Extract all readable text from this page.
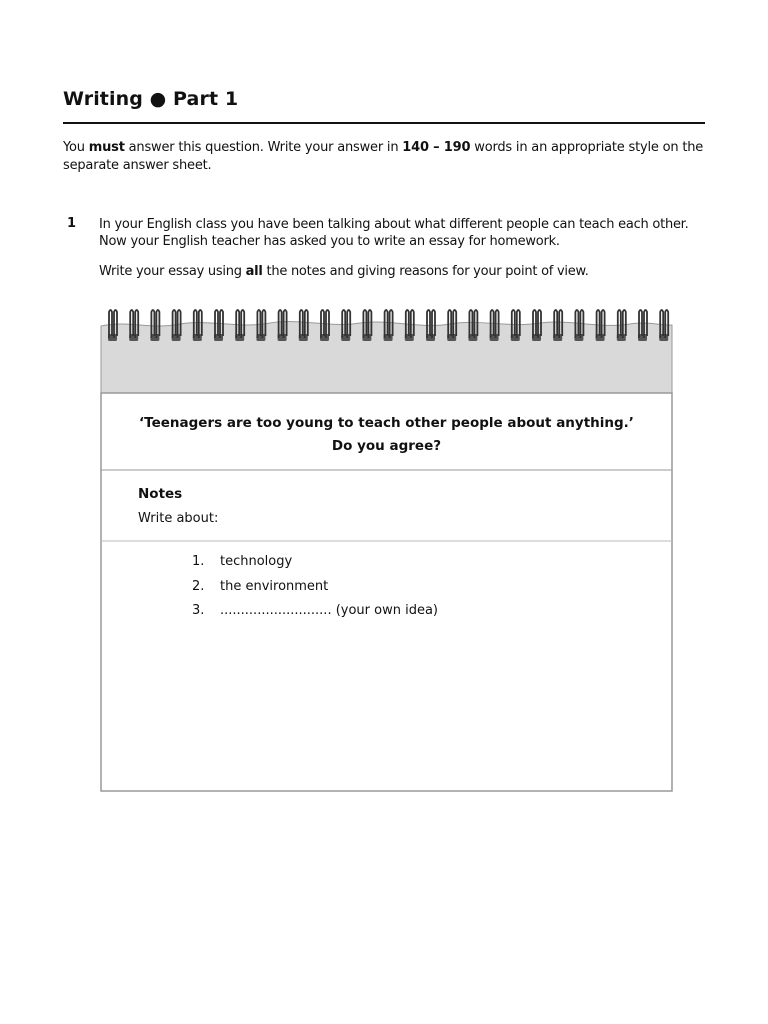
Writing ● Part 1
You must answer this question. Write your answer in 140 – 190 words in an appropriate style on the separate answer sheet.
1 In your English class you have been talking about what different people can teach each other.
Now your English teacher has asked you to write an essay for homework.
Write your essay using all the notes and giving reasons for your point of view.
‘Teenagers are too young to teach other people about anything.’
Do you agree?
Notes
Write about:
1.	technology
2.	the environment
3.	........................... (your own idea)
